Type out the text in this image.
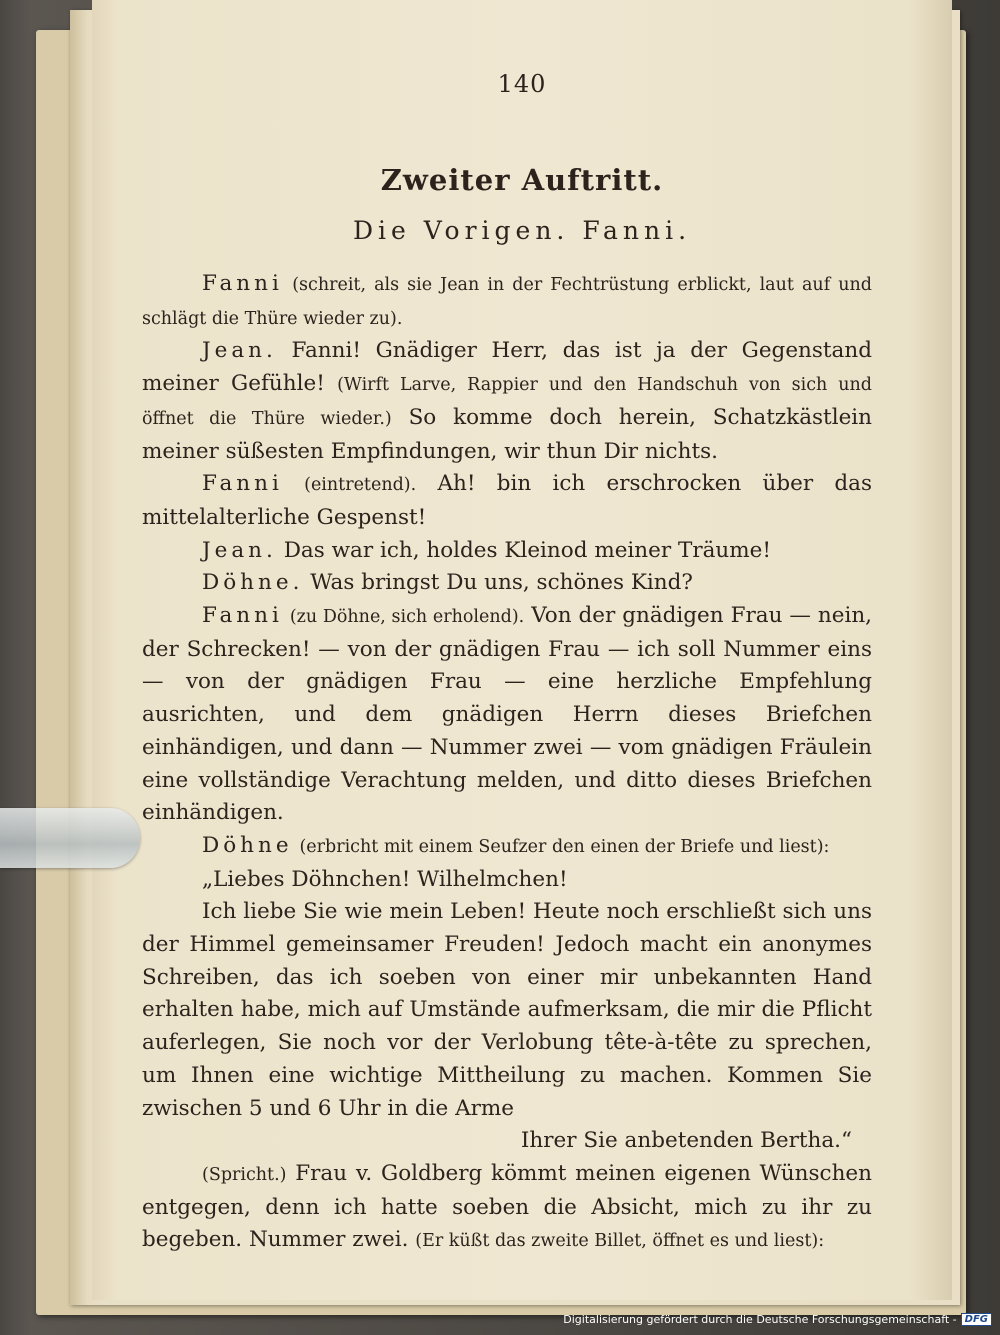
140
Zweiter Auftritt.
Die Vorigen. Fanni.

Fanni (schreit, als sie Jean in der Fechtrüstung erblickt, laut auf und schlägt die Thüre wieder zu).

Jean. Fanni! Gnädiger Herr, das ist ja der Gegenstand meiner Gefühle! (Wirft Larve, Rappier und den Handschuh von sich und öffnet die Thüre wieder.) So komme doch herein, Schatzkästlein meiner süßesten Empfindungen, wir thun Dir nichts.

Fanni (eintretend). Ah! bin ich erschrocken über das mittelalterliche Gespenst!

Jean. Das war ich, holdes Kleinod meiner Träume!

Döhne. Was bringst Du uns, schönes Kind?

Fanni (zu Döhne, sich erholend). Von der gnädigen Frau — nein, der Schrecken! — von der gnädigen Frau — ich soll Nummer eins — von der gnädigen Frau — eine herzliche Empfehlung ausrichten, und dem gnädigen Herrn dieses Briefchen einhändigen, und dann — Nummer zwei — vom gnädigen Fräulein eine vollständige Verachtung melden, und ditto dieses Briefchen einhändigen.

Döhne (erbricht mit einem Seufzer den einen der Briefe und liest):

„Liebes Döhnchen! Wilhelmchen!

Ich liebe Sie wie mein Leben! Heute noch erschließt sich uns der Himmel gemeinsamer Freuden! Jedoch macht ein anonymes Schreiben, das ich soeben von einer mir unbekannten Hand erhalten habe, mich auf Umstände aufmerksam, die mir die Pflicht auferlegen, Sie noch vor der Verlobung tête-à-tête zu sprechen, um Ihnen eine wichtige Mittheilung zu machen. Kommen Sie zwischen 5 und 6 Uhr in die Arme

Ihrer Sie anbetenden Bertha.“

(Spricht.) Frau v. Goldberg kömmt meinen eigenen Wünschen entgegen, denn ich hatte soeben die Absicht, mich zu ihr zu begeben. Nummer zwei. (Er küßt das zweite Billet, öffnet es und liest):

Digitalisierung gefördert durch die Deutsche Forschungsgemeinschaft - DFG
